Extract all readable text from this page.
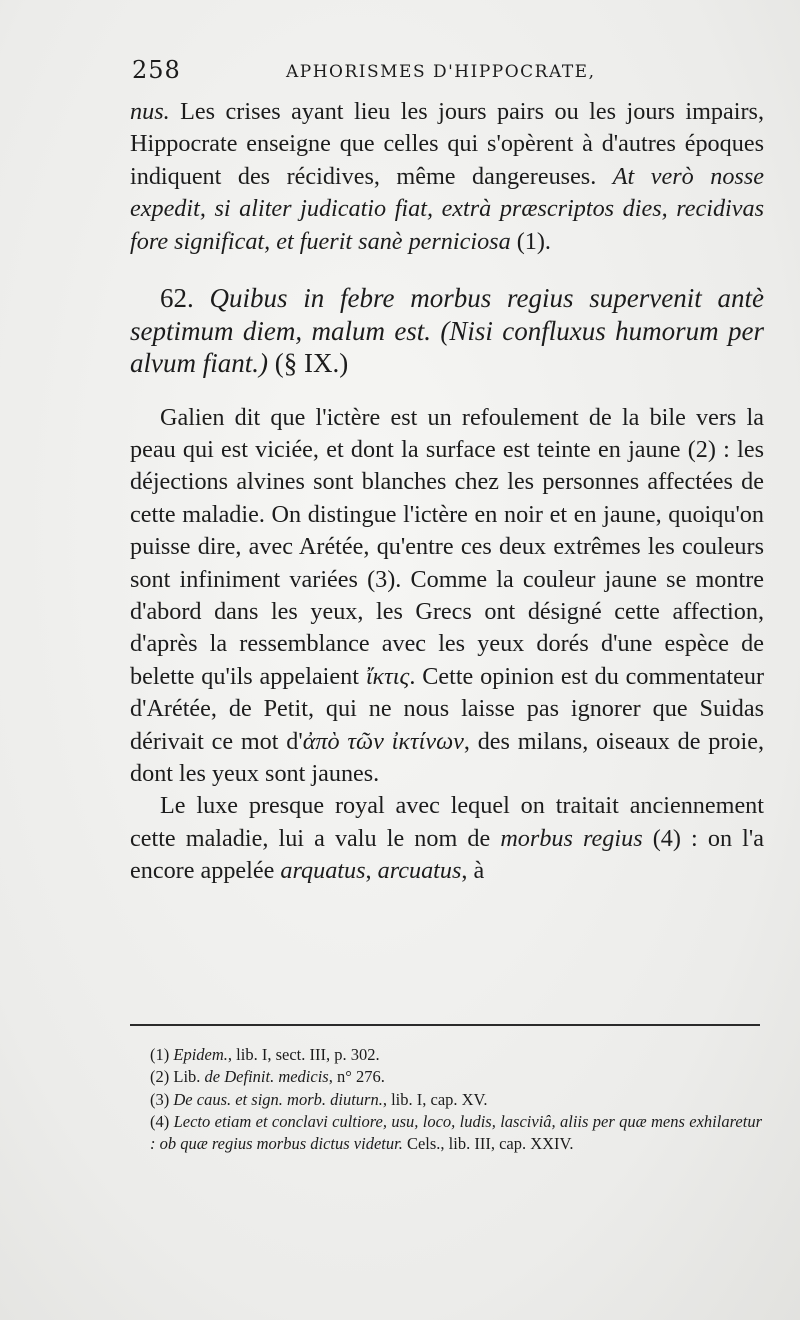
258	APHORISMES D'HIPPOCRATE,

nus. Les crises ayant lieu les jours pairs ou les jours impairs, Hippocrate enseigne que celles qui s'opèrent à d'autres époques indiquent des récidives, même dangereuses. At verò nosse expedit, si aliter judicatio fiat, extrà præscriptos dies, recidivas fore significat, et fuerit sanè perniciosa (1).

62. Quibus in febre morbus regius supervenit antè septimum diem, malum est. (Nisi confluxus humorum per alvum fiant.) (§ IX.)

Galien dit que l'ictère est un refoulement de la bile vers la peau qui est viciée, et dont la surface est teinte en jaune (2) : les déjections alvines sont blanches chez les personnes affectées de cette maladie. On distingue l'ictère en noir et en jaune, quoiqu'on puisse dire, avec Arétée, qu'entre ces deux extrêmes les couleurs sont infiniment variées (3). Comme la couleur jaune se montre d'abord dans les yeux, les Grecs ont désigné cette affection, d'après la ressemblance avec les yeux dorés d'une espèce de belette qu'ils appelaient ἴκτις. Cette opinion est du commentateur d'Arétée, de Petit, qui ne nous laisse pas ignorer que Suidas dérivait ce mot d'ἀπὸ τῶν ἰκτίνων, des milans, oiseaux de proie, dont les yeux sont jaunes.

Le luxe presque royal avec lequel on traitait anciennement cette maladie, lui a valu le nom de morbus regius (4) : on l'a encore appelée arquatus, arcuatus, à

(1) Epidem., lib. I, sect. III, p. 302.
(2) Lib. de Definit. medicis, n° 276.
(3) De caus. et sign. morb. diuturn., lib. I, cap. XV.
(4) Lecto etiam et conclavi cultiore, usu, loco, ludis, lasciviâ, aliis per quæ mens exhilaretur : ob quæ regius morbus dictus videtur. Cels., lib. III, cap. XXIV.
